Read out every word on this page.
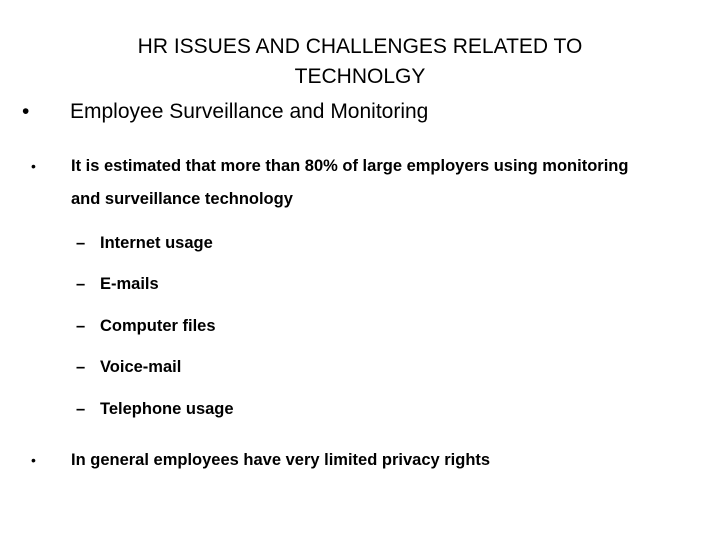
HR ISSUES AND CHALLENGES RELATED TO
TECHNOLGY
• Employee Surveillance and Monitoring
• It is estimated that more than 80% of large employers using monitoring
and surveillance technology
– Internet usage
– E-mails
– Computer files
– Voice-mail
– Telephone usage
• In general employees have very limited privacy rights
